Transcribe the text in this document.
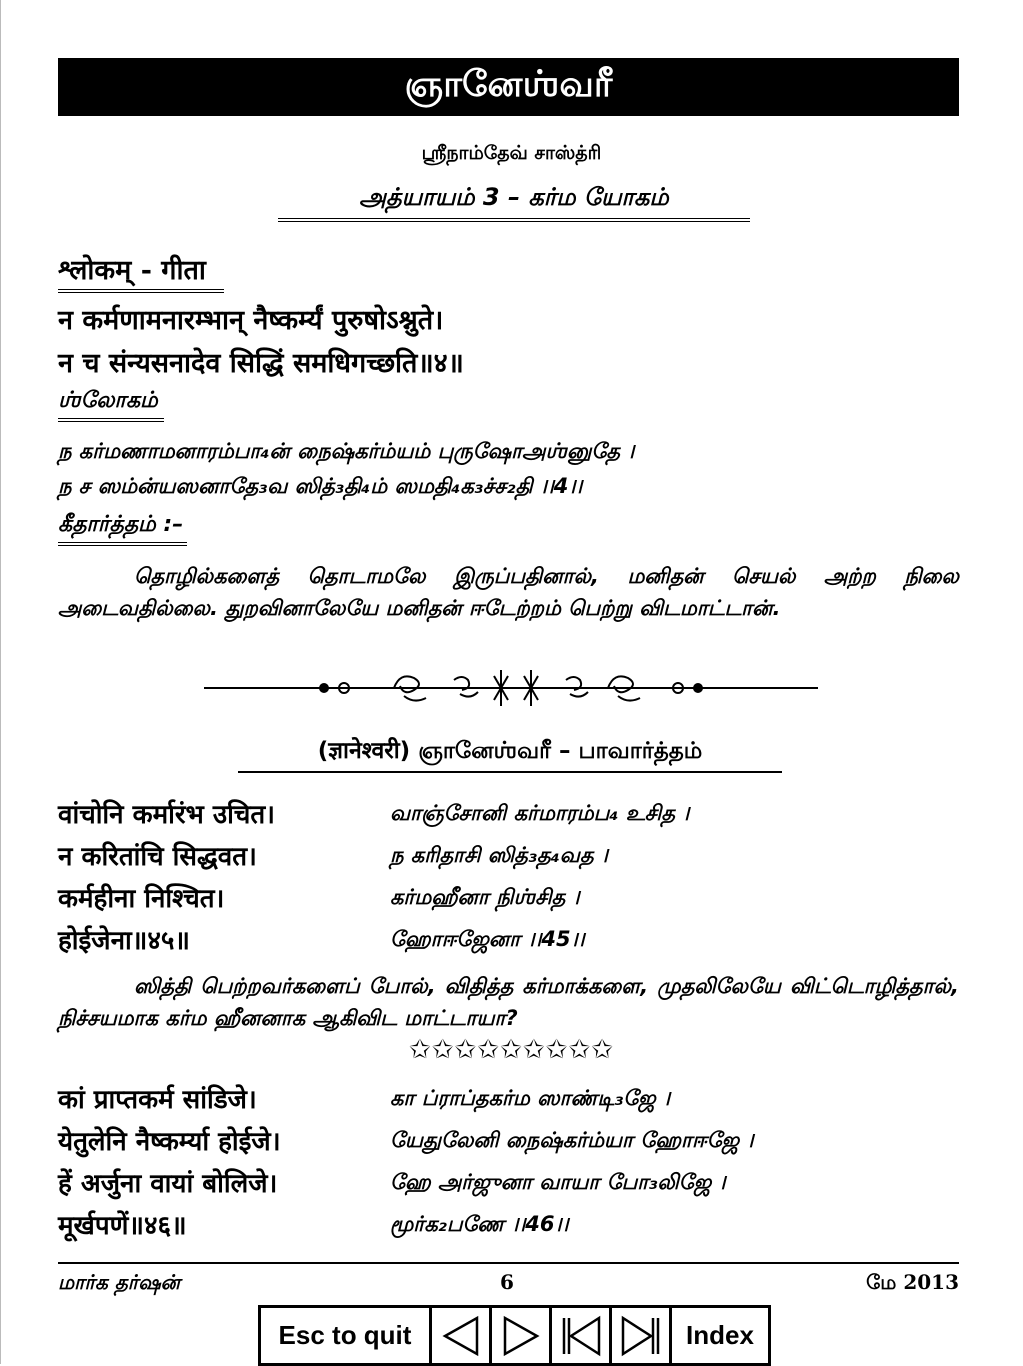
ஞானேஶ்வரீ
ஸ்ரீநாம்தேவ் சாஸ்த்ரி
அத்யாயம் 3 – கர்ம யோகம்
श्लोकम् - गीता
न कर्मणामनारम्भान्‌ नैष्कर्म्यं पुरुषोऽश्नुते।
न च संन्यसनादेव सिद्धिं समधिगच्छति॥४॥
ஶ்லோகம்
ந கர்மணாமனாரம்பா₄ன் நைஷ்கர்ம்யம் புருஷோஅஶ்னுதே ।
ந ச ஸம்ன்யஸனாதே₃வ ஸித்₃தி₄ம் ஸமதி₄க₃ச்ச₂தி ।।4।।
கீதார்த்தம் :–
தொழில்களைத் தொடாமலே இருப்பதினால், மனிதன் செயல் அற்ற நிலை அடைவதில்லை. துறவினாலேயே மனிதன் ஈடேற்றம் பெற்று விடமாட்டான்.
(ज्ञानेश्वरी) ஞானேஶ்வரீ – பாவார்த்தம்
वांचोनि कर्मारंभ उचित।	வாஞ்சோனி கர்மாரம்ப₄ உசித ।
न करितांचि सिद्धवत।	ந கரிதாசி ஸித்₃த₄வத ।
कर्महीना निश्चित।	கர்மஹீனா நிஶ்சித ।
होईजेना॥४५॥	ஹோஈஜேனா ।।45।।
ஸித்தி பெற்றவர்களைப் போல், விதித்த கர்மாக்களை, முதலிலேயே விட்டொழித்தால், நிச்சயமாக கர்ம ஹீனனாக ஆகிவிட மாட்டாயா?
✩✩✩✩✩✩✩✩✩
कां प्राप्तकर्म सांडिजे।	கா ப்ராப்தகர்ம ஸாண்டி₃ஜே ।
येतुलेनि नैष्कर्म्या होईजे।	யேதுலேனி நைஷ்கர்ம்யா ஹோஈஜே ।
हें अर्जुना वायां बोलिजे।	ஹே அர்ஜுனா வாயா போ₃லிஜே ।
मूर्खपणें॥४६॥	மூர்க₂பணே ।।46।।
மார்க தர்ஷன்	6	மே 2013
Esc to quit	Index
